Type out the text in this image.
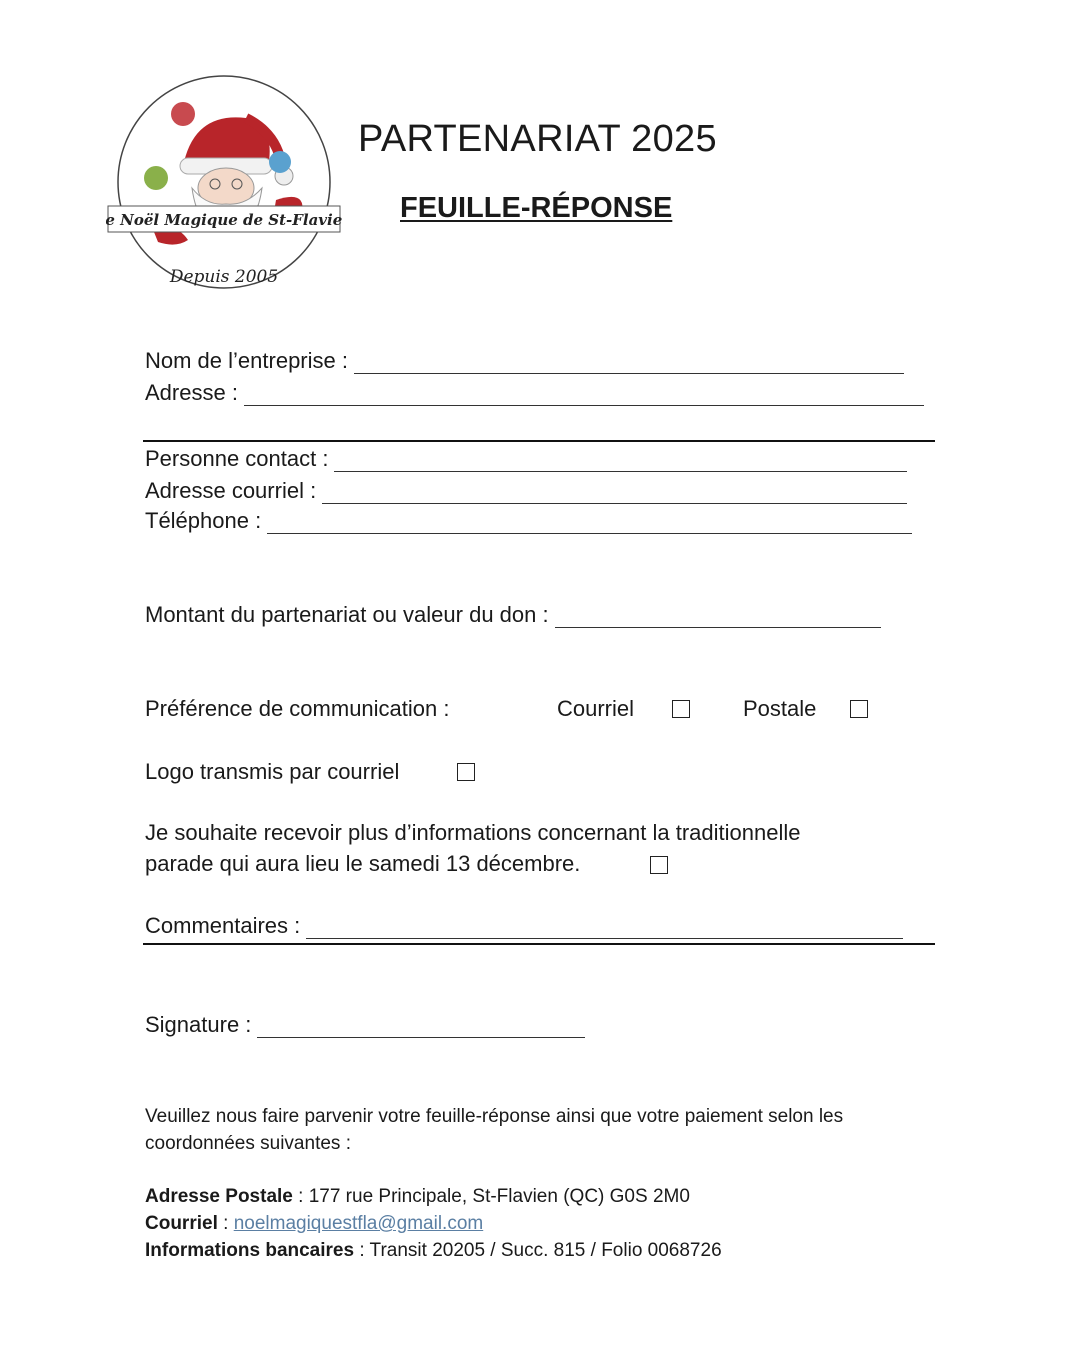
Le Noël Magique de St-Flavien
Depuis 2005
PARTENARIAT 2025
FEUILLE-RÉPONSE
Nom de l’entreprise :
Adresse :
Personne contact :
Adresse courriel :
Téléphone :
Montant du partenariat ou valeur du don :
Préférence de communication :	Courriel	Postale
Logo transmis par courriel
Je souhaite recevoir plus d’informations concernant la traditionnelle
parade qui aura lieu le samedi 13 décembre.
Commentaires :
Signature :
Veuillez nous faire parvenir votre feuille-réponse ainsi que votre paiement selon les
coordonnées suivantes :
Adresse Postale : 177 rue Principale, St-Flavien (QC) G0S 2M0
Courriel : noelmagiquestfla@gmail.com
Informations bancaires : Transit 20205 / Succ. 815 / Folio 0068726
